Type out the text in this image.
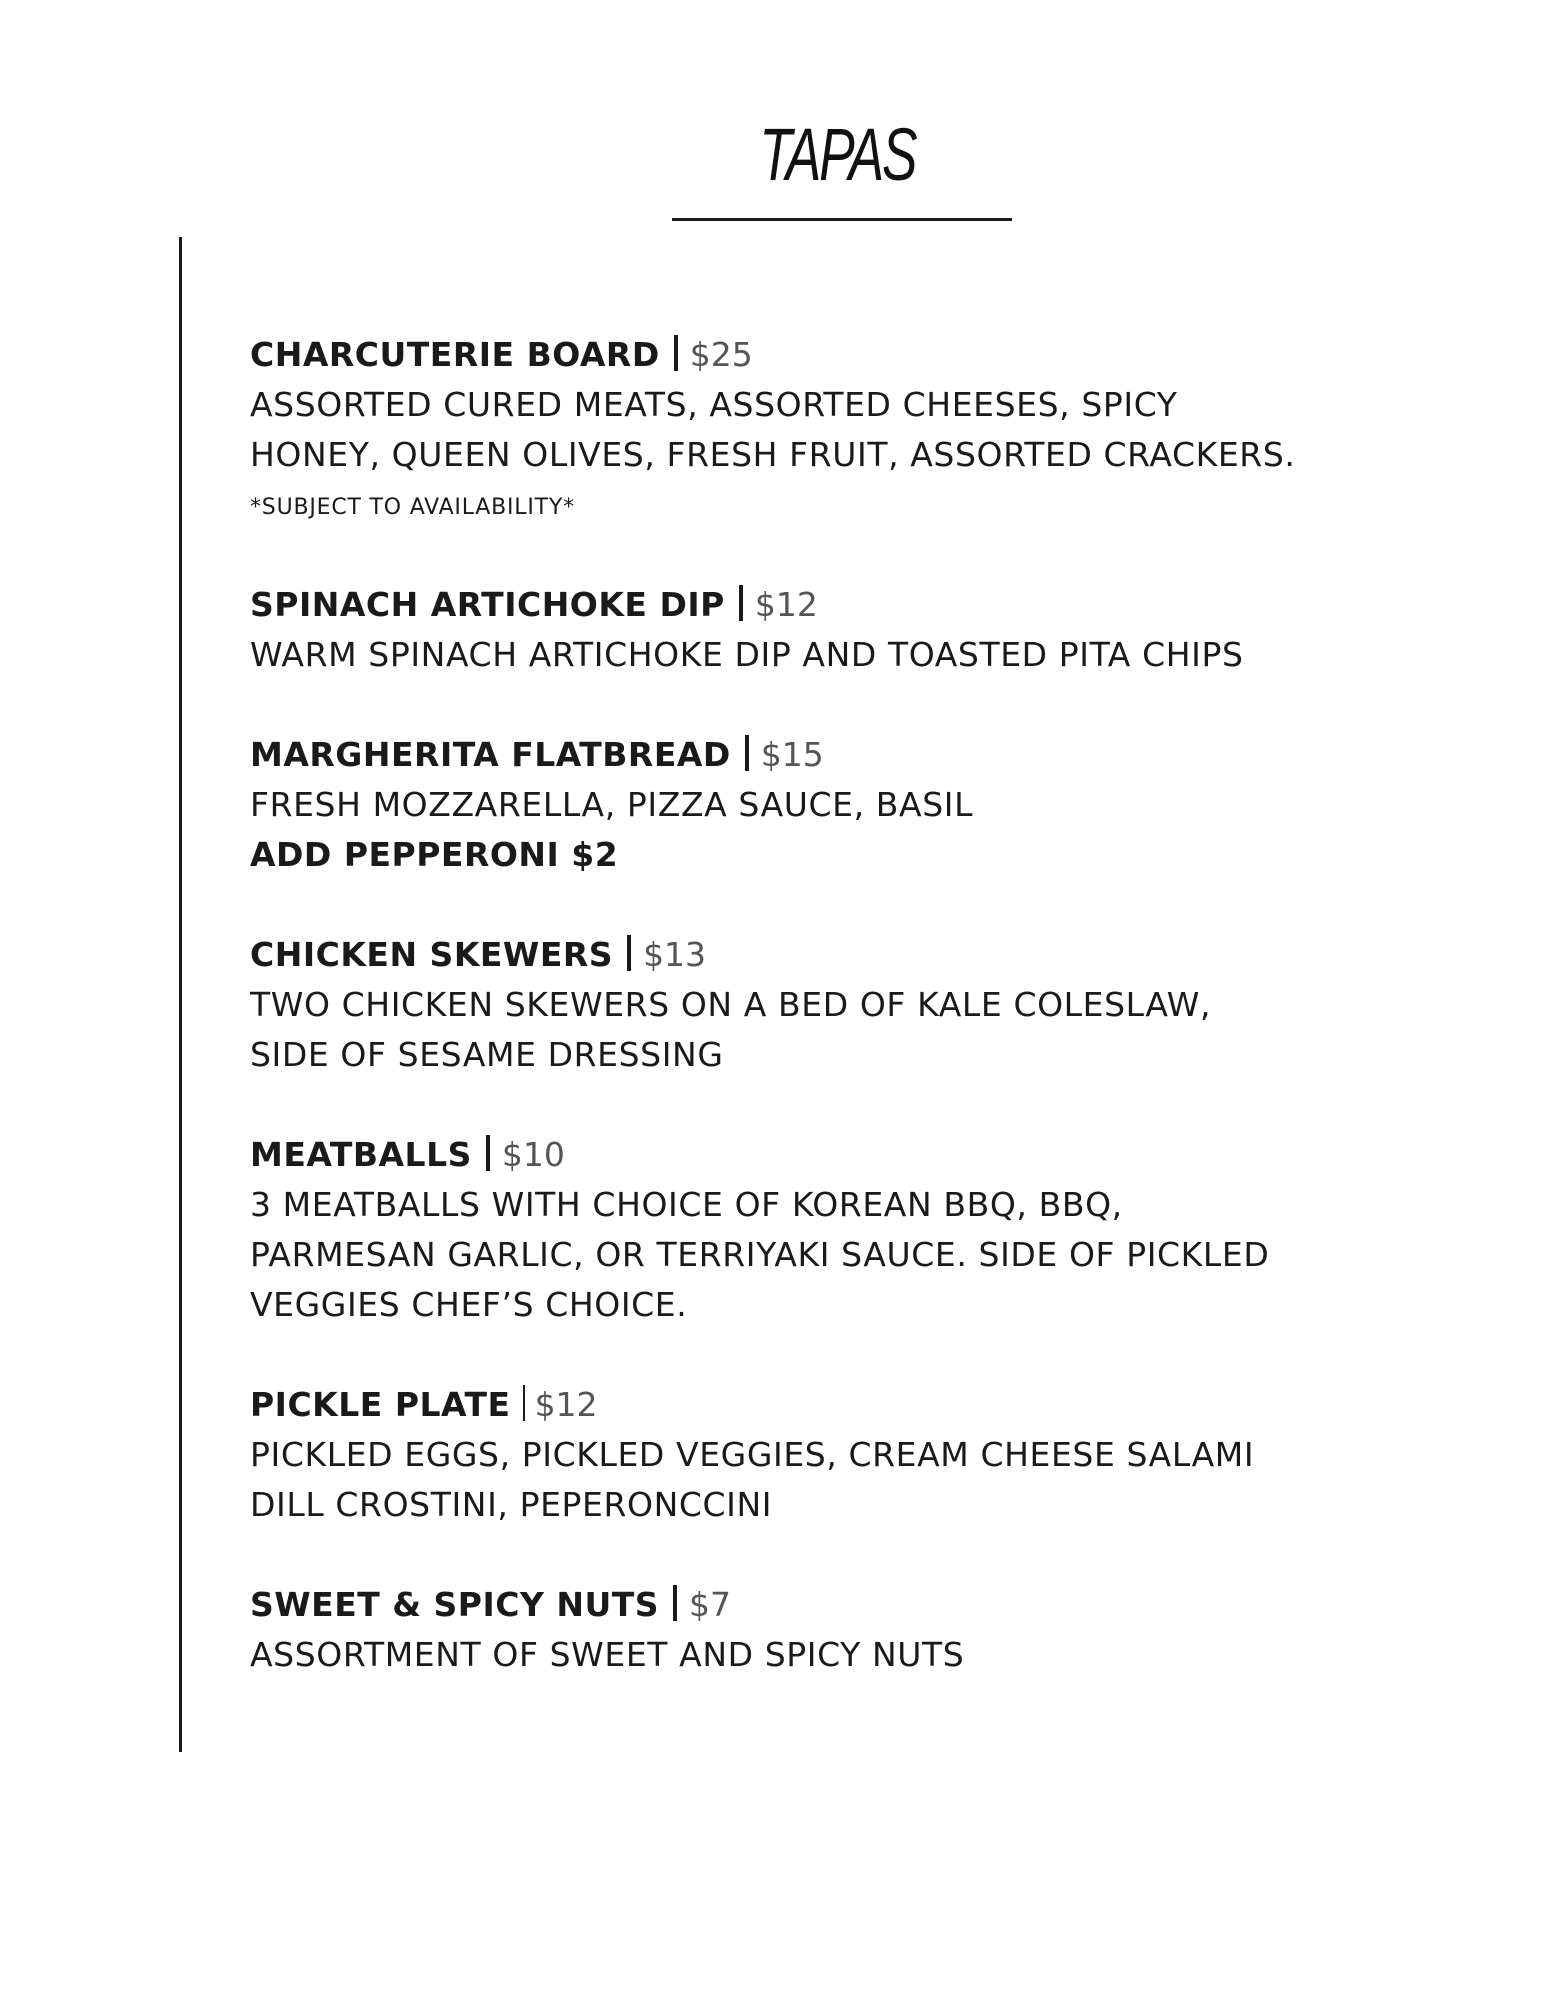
TAPAS
CHARCUTERIE BOARD $25
ASSORTED CURED MEATS, ASSORTED CHEESES, SPICY
HONEY, QUEEN OLIVES, FRESH FRUIT, ASSORTED CRACKERS.
*SUBJECT TO AVAILABILITY*
SPINACH ARTICHOKE DIP $12
WARM SPINACH ARTICHOKE DIP AND TOASTED PITA CHIPS
MARGHERITA FLATBREAD $15
FRESH MOZZARELLA, PIZZA SAUCE, BASIL
ADD PEPPERONI $2
CHICKEN SKEWERS $13
TWO CHICKEN SKEWERS ON A BED OF KALE COLESLAW,
SIDE OF SESAME DRESSING
MEATBALLS $10
3 MEATBALLS WITH CHOICE OF KOREAN BBQ, BBQ,
PARMESAN GARLIC, OR TERRIYAKI SAUCE. SIDE OF PICKLED
VEGGIES CHEF’S CHOICE.
PICKLE PLATE $12
PICKLED EGGS, PICKLED VEGGIES, CREAM CHEESE SALAMI
DILL CROSTINI, PEPERONCCINI
SWEET & SPICY NUTS $7
ASSORTMENT OF SWEET AND SPICY NUTS
